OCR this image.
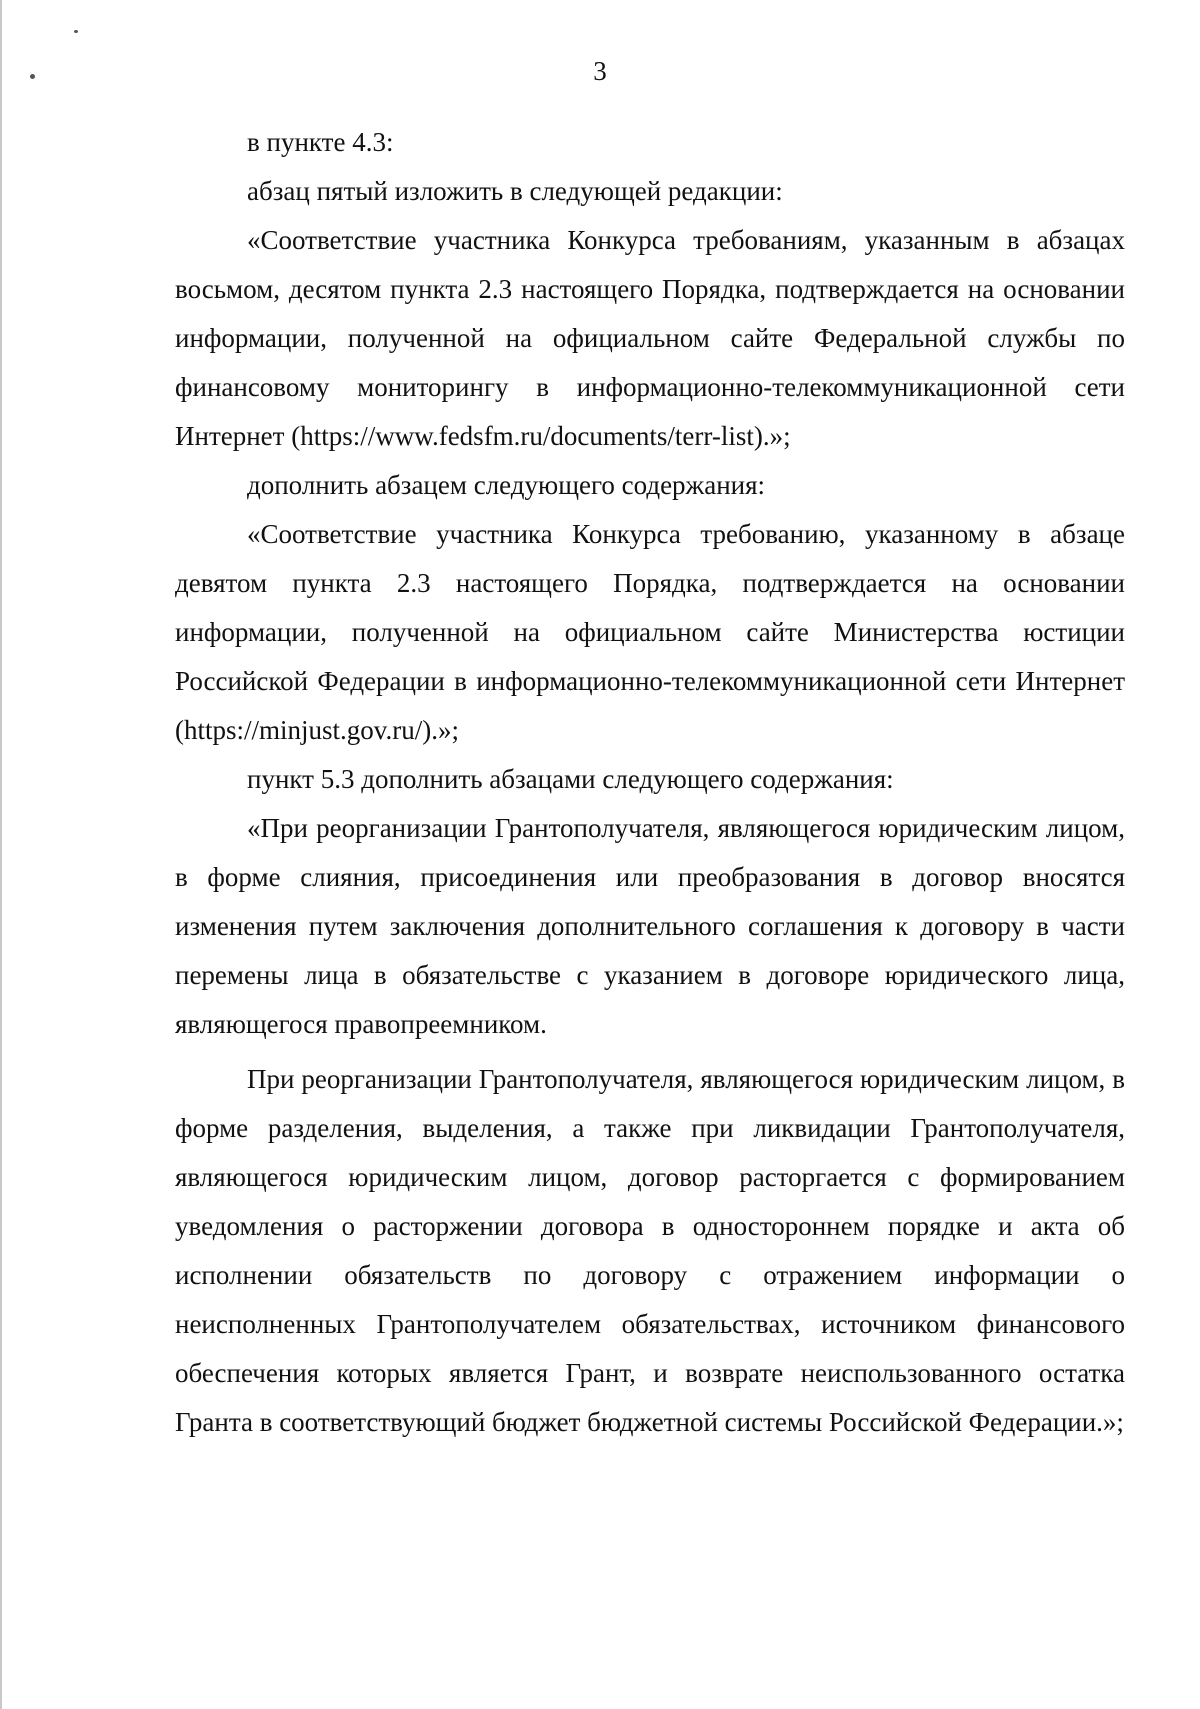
3

в пункте 4.3:

абзац пятый изложить в следующей редакции:

«Соответствие участника Конкурса требованиям, указанным в абзацах восьмом, десятом пункта 2.3 настоящего Порядка, подтверждается на основании информации, полученной на официальном сайте Федеральной службы по финансовому мониторингу в информационно-телекоммуникационной сети Интернет (https://www.fedsfm.ru/documents/terr-list).»;

дополнить абзацем следующего содержания:

«Соответствие участника Конкурса требованию, указанному в абзаце девятом пункта 2.3 настоящего Порядка, подтверждается на основании информации, полученной на официальном сайте Министерства юстиции Российской Федерации в информационно-телекоммуникационной сети Интернет (https://minjust.gov.ru/).»;

пункт 5.3 дополнить абзацами следующего содержания:

«При реорганизации Грантополучателя, являющегося юридическим лицом, в форме слияния, присоединения или преобразования в договор вносятся изменения путем заключения дополнительного соглашения к договору в части перемены лица в обязательстве с указанием в договоре юридического лица, являющегося правопреемником.

При реорганизации Грантополучателя, являющегося юридическим лицом, в форме разделения, выделения, а также при ликвидации Грантополучателя, являющегося юридическим лицом, договор расторгается с формированием уведомления о расторжении договора в одностороннем порядке и акта об исполнении обязательств по договору с отражением информации о неисполненных Грантополучателем обязательствах, источником финансового обеспечения которых является Грант, и возврате неиспользованного остатка Гранта в соответствующий бюджет бюджетной системы Российской Федерации.»;
